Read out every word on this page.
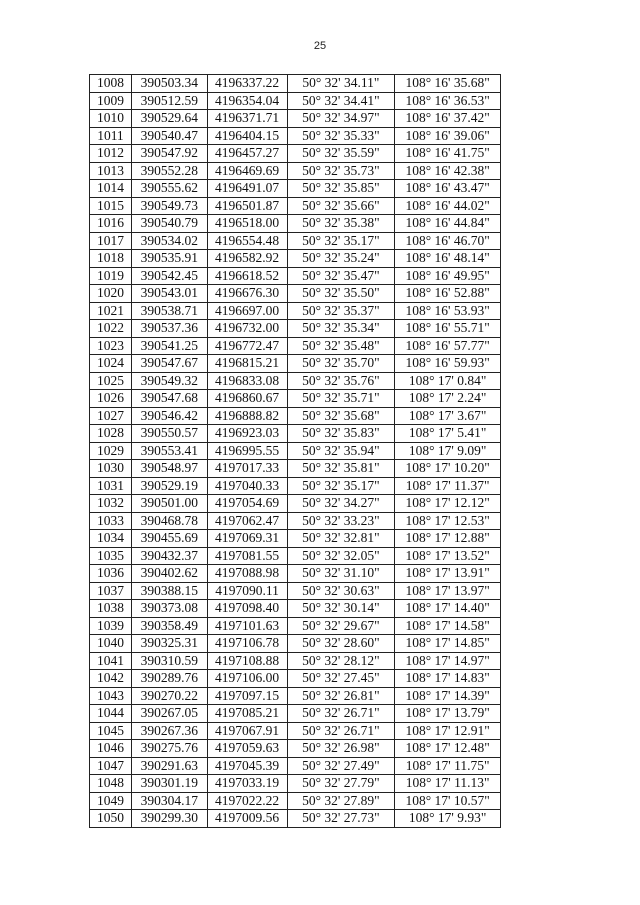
25
1008	390503.34	4196337.22	50° 32' 34.11"	108° 16' 35.68"
1009	390512.59	4196354.04	50° 32' 34.41"	108° 16' 36.53"
1010	390529.64	4196371.71	50° 32' 34.97"	108° 16' 37.42"
1011	390540.47	4196404.15	50° 32' 35.33"	108° 16' 39.06"
1012	390547.92	4196457.27	50° 32' 35.59"	108° 16' 41.75"
1013	390552.28	4196469.69	50° 32' 35.73"	108° 16' 42.38"
1014	390555.62	4196491.07	50° 32' 35.85"	108° 16' 43.47"
1015	390549.73	4196501.87	50° 32' 35.66"	108° 16' 44.02"
1016	390540.79	4196518.00	50° 32' 35.38"	108° 16' 44.84"
1017	390534.02	4196554.48	50° 32' 35.17"	108° 16' 46.70"
1018	390535.91	4196582.92	50° 32' 35.24"	108° 16' 48.14"
1019	390542.45	4196618.52	50° 32' 35.47"	108° 16' 49.95"
1020	390543.01	4196676.30	50° 32' 35.50"	108° 16' 52.88"
1021	390538.71	4196697.00	50° 32' 35.37"	108° 16' 53.93"
1022	390537.36	4196732.00	50° 32' 35.34"	108° 16' 55.71"
1023	390541.25	4196772.47	50° 32' 35.48"	108° 16' 57.77"
1024	390547.67	4196815.21	50° 32' 35.70"	108° 16' 59.93"
1025	390549.32	4196833.08	50° 32' 35.76"	108° 17' 0.84"
1026	390547.68	4196860.67	50° 32' 35.71"	108° 17' 2.24"
1027	390546.42	4196888.82	50° 32' 35.68"	108° 17' 3.67"
1028	390550.57	4196923.03	50° 32' 35.83"	108° 17' 5.41"
1029	390553.41	4196995.55	50° 32' 35.94"	108° 17' 9.09"
1030	390548.97	4197017.33	50° 32' 35.81"	108° 17' 10.20"
1031	390529.19	4197040.33	50° 32' 35.17"	108° 17' 11.37"
1032	390501.00	4197054.69	50° 32' 34.27"	108° 17' 12.12"
1033	390468.78	4197062.47	50° 32' 33.23"	108° 17' 12.53"
1034	390455.69	4197069.31	50° 32' 32.81"	108° 17' 12.88"
1035	390432.37	4197081.55	50° 32' 32.05"	108° 17' 13.52"
1036	390402.62	4197088.98	50° 32' 31.10"	108° 17' 13.91"
1037	390388.15	4197090.11	50° 32' 30.63"	108° 17' 13.97"
1038	390373.08	4197098.40	50° 32' 30.14"	108° 17' 14.40"
1039	390358.49	4197101.63	50° 32' 29.67"	108° 17' 14.58"
1040	390325.31	4197106.78	50° 32' 28.60"	108° 17' 14.85"
1041	390310.59	4197108.88	50° 32' 28.12"	108° 17' 14.97"
1042	390289.76	4197106.00	50° 32' 27.45"	108° 17' 14.83"
1043	390270.22	4197097.15	50° 32' 26.81"	108° 17' 14.39"
1044	390267.05	4197085.21	50° 32' 26.71"	108° 17' 13.79"
1045	390267.36	4197067.91	50° 32' 26.71"	108° 17' 12.91"
1046	390275.76	4197059.63	50° 32' 26.98"	108° 17' 12.48"
1047	390291.63	4197045.39	50° 32' 27.49"	108° 17' 11.75"
1048	390301.19	4197033.19	50° 32' 27.79"	108° 17' 11.13"
1049	390304.17	4197022.22	50° 32' 27.89"	108° 17' 10.57"
1050	390299.30	4197009.56	50° 32' 27.73"	108° 17' 9.93"
